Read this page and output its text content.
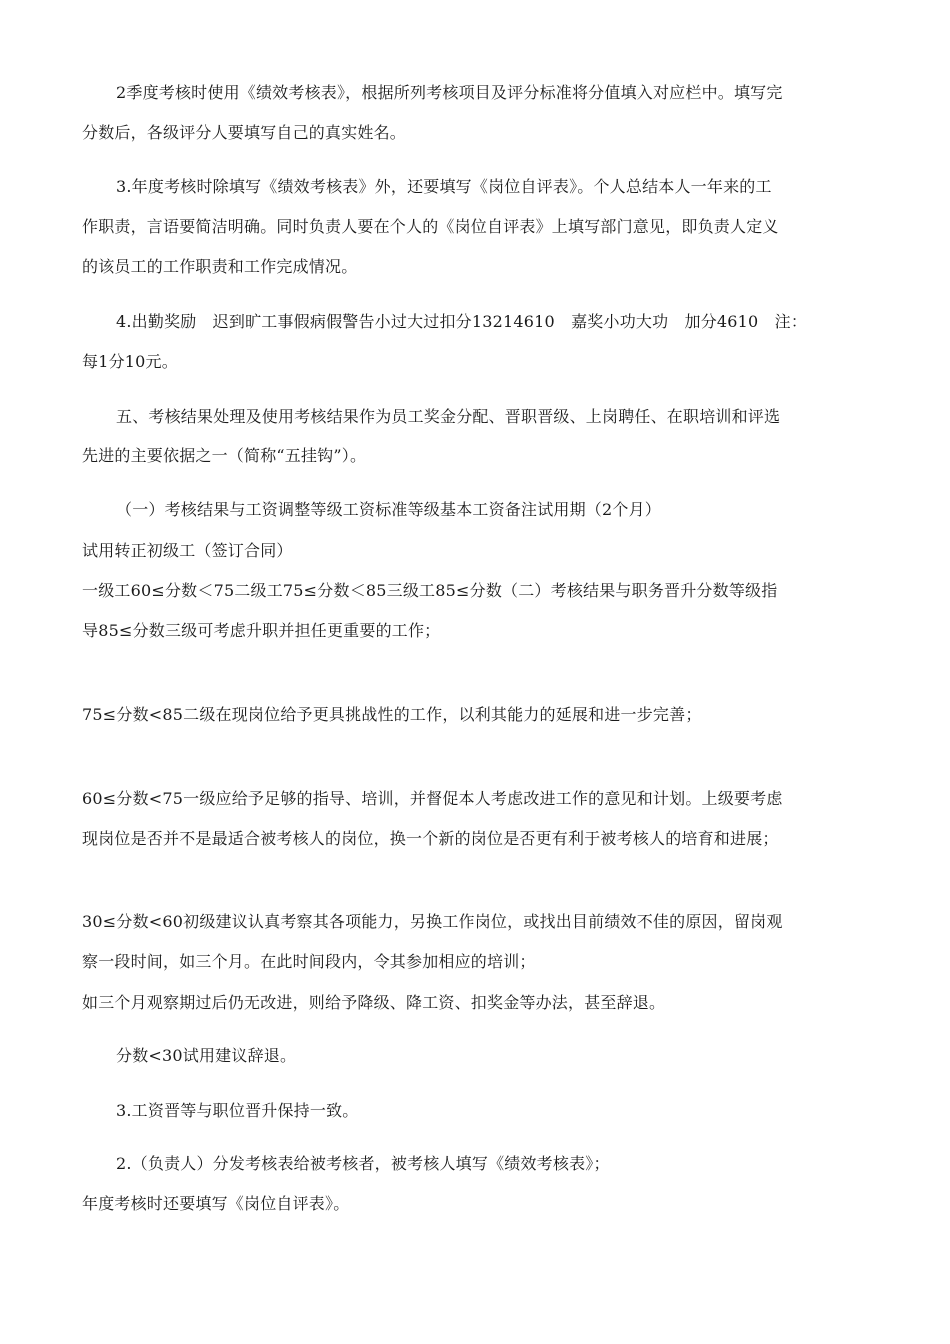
2季度考核时使用《绩效考核表》，根据所列考核项目及评分标准将分值填入对应栏中。填写完
分数后，各级评分人要填写自己的真实姓名。
3.年度考核时除填写《绩效考核表》外，还要填写《岗位自评表》。个人总结本人一年来的工
作职责，言语要简洁明确。同时负责人要在个人的《岗位自评表》上填写部门意见，即负责人定义
的该员工的工作职责和工作完成情况。
4.出勤奖励　迟到旷工事假病假警告小过大过扣分13214610　嘉奖小功大功　加分4610　注：
每1分10元。
五、考核结果处理及使用考核结果作为员工奖金分配、晋职晋级、上岗聘任、在职培训和评选
先进的主要依据之一（简称“五挂钩”）。
（一）考核结果与工资调整等级工资标准等级基本工资备注试用期（2个月）
试用转正初级工（签订合同）
一级工60≤分数＜75二级工75≤分数＜85三级工85≤分数（二）考核结果与职务晋升分数等级指
导85≤分数三级可考虑升职并担任更重要的工作；
75≤分数<85二级在现岗位给予更具挑战性的工作，以利其能力的延展和进一步完善；
60≤分数<75一级应给予足够的指导、培训，并督促本人考虑改进工作的意见和计划。上级要考虑
现岗位是否并不是最适合被考核人的岗位，换一个新的岗位是否更有利于被考核人的培育和进展；
30≤分数<60初级建议认真考察其各项能力，另换工作岗位，或找出目前绩效不佳的原因，留岗观
察一段时间，如三个月。在此时间段内，令其参加相应的培训；
如三个月观察期过后仍无改进，则给予降级、降工资、扣奖金等办法，甚至辞退。
分数<30试用建议辞退。
3.工资晋等与职位晋升保持一致。
2.（负责人）分发考核表给被考核者，被考核人填写《绩效考核表》；
年度考核时还要填写《岗位自评表》。
